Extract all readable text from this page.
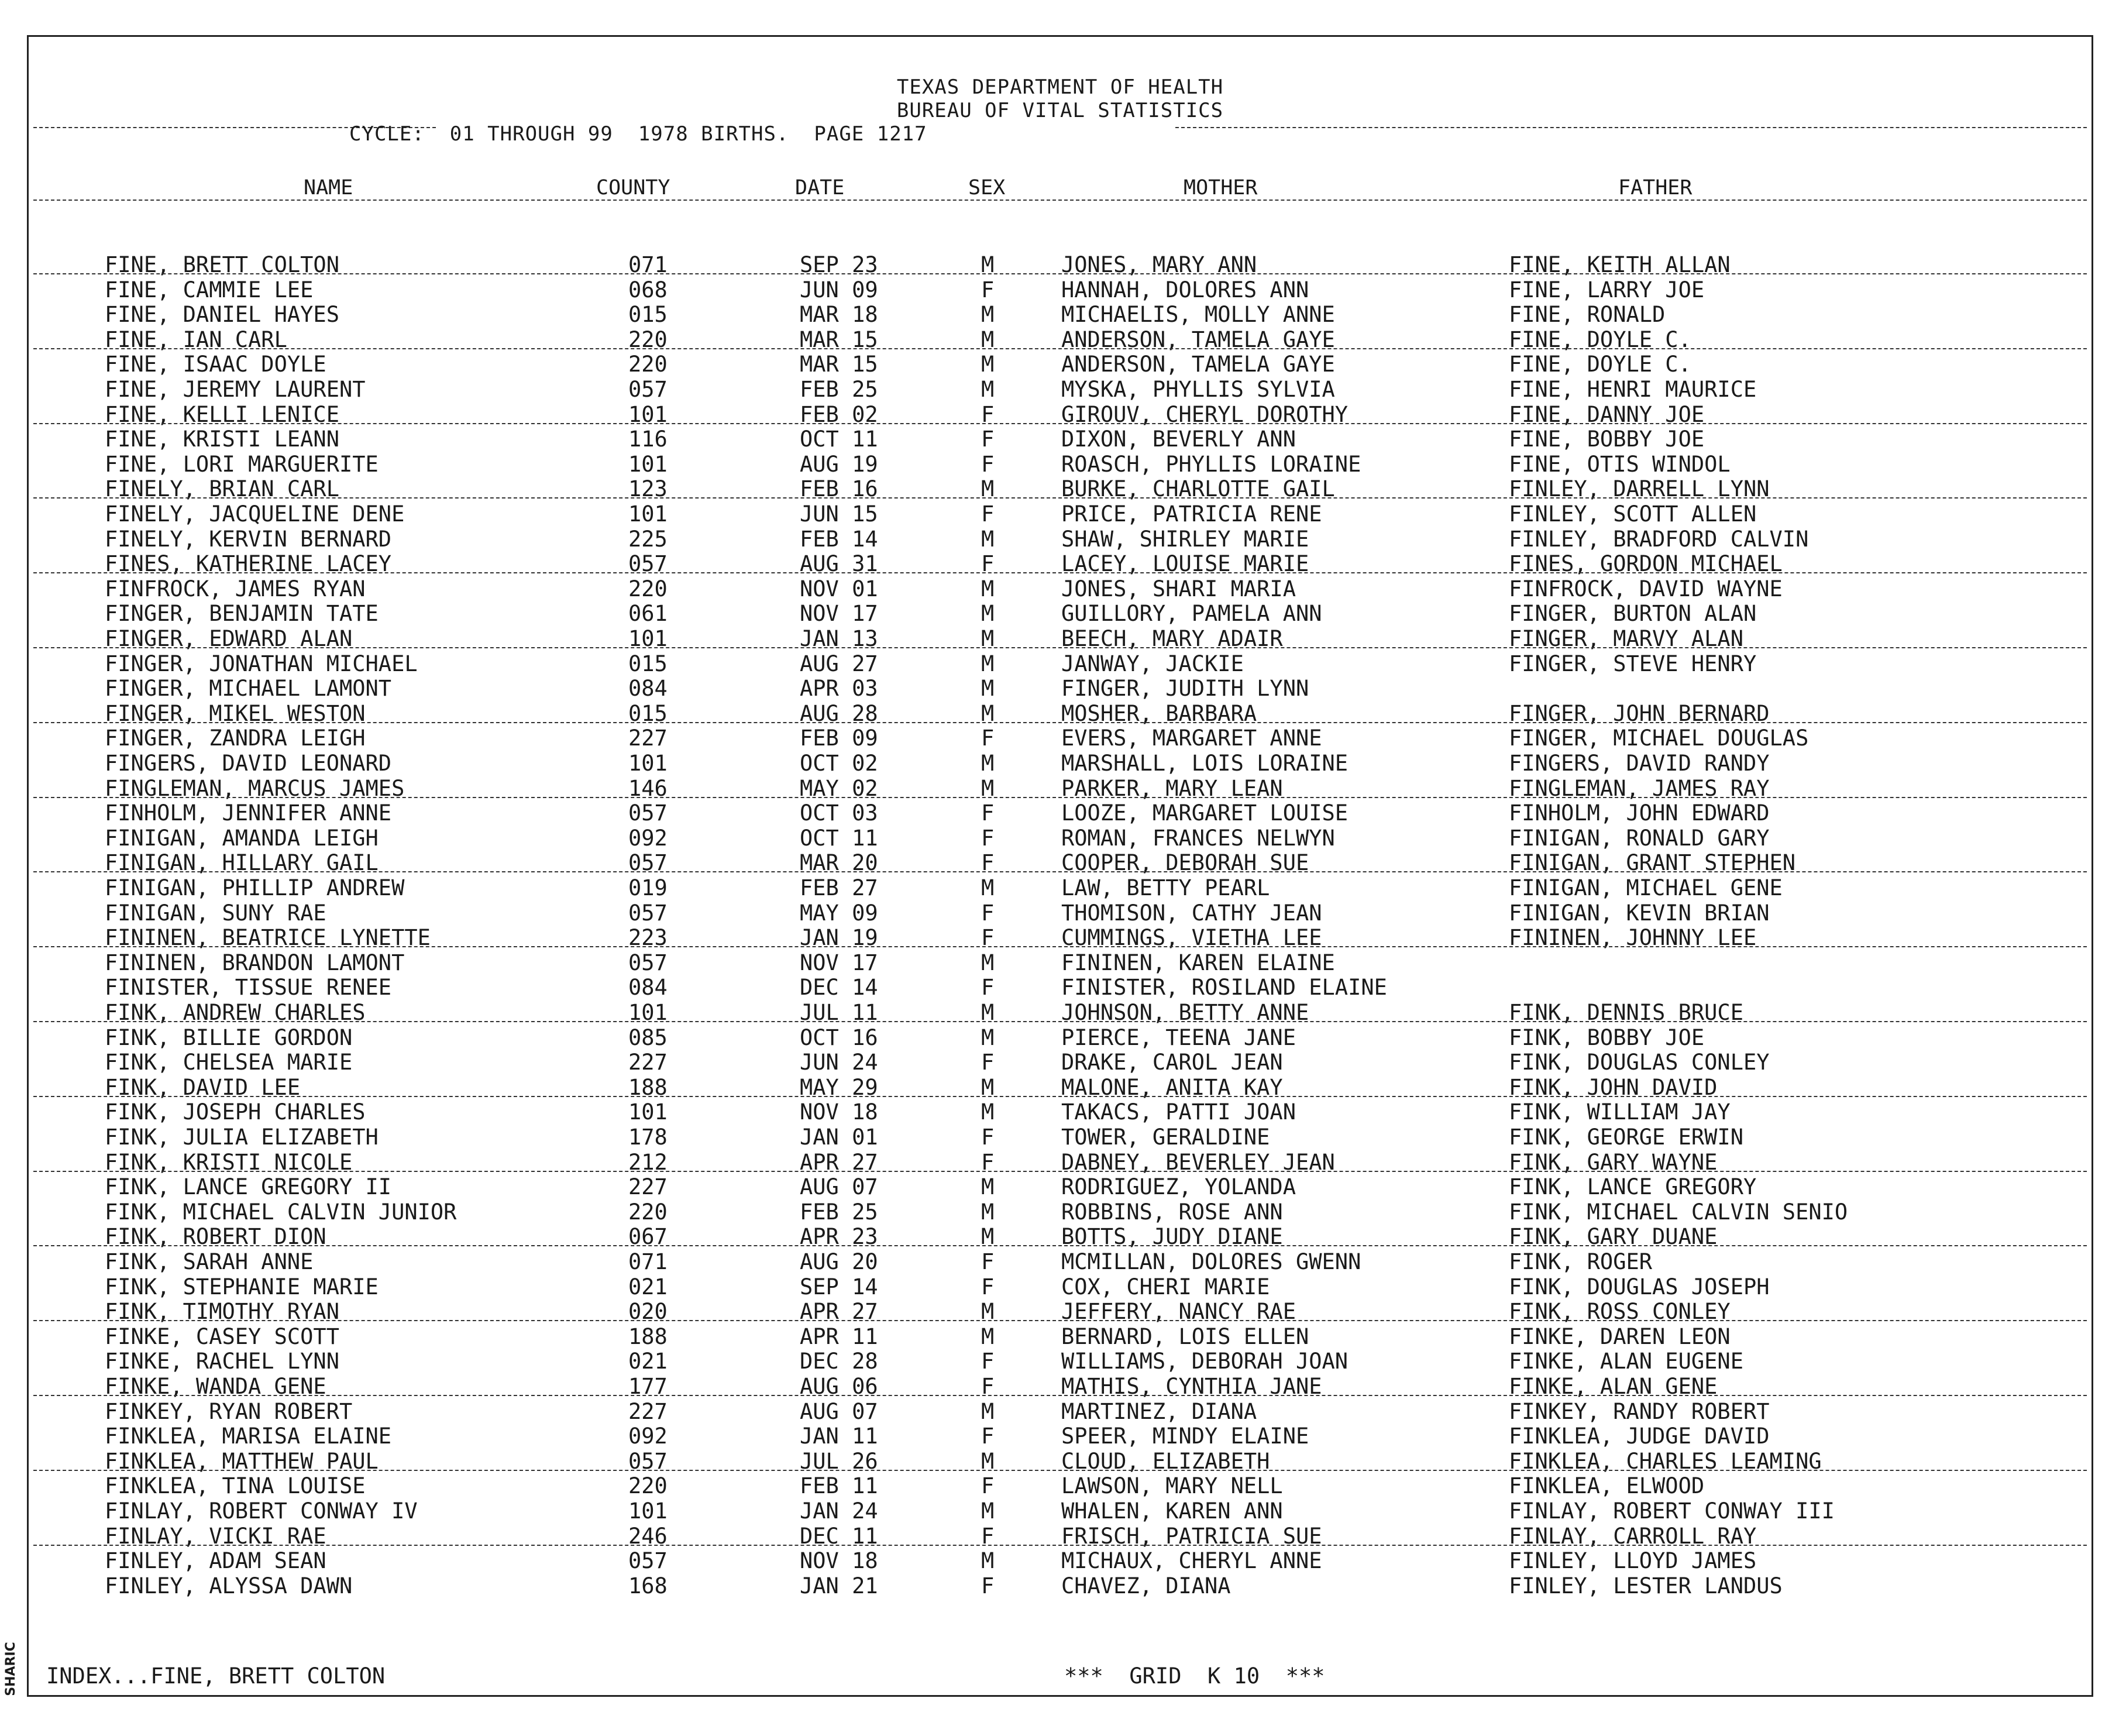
TEXAS DEPARTMENT OF HEALTH
BUREAU OF VITAL STATISTICS
CYCLE:  01 THROUGH 99  1978 BIRTHS.  PAGE 1217
NAME	COUNTY	DATE	SEX	MOTHER	FATHER
FINE, BRETT COLTON	071	SEP 23	M	JONES, MARY ANN	FINE, KEITH ALLAN
FINE, CAMMIE LEE	068	JUN 09	F	HANNAH, DOLORES ANN	FINE, LARRY JOE
FINE, DANIEL HAYES	015	MAR 18	M	MICHAELIS, MOLLY ANNE	FINE, RONALD
FINE, IAN CARL	220	MAR 15	M	ANDERSON, TAMELA GAYE	FINE, DOYLE C.
FINE, ISAAC DOYLE	220	MAR 15	M	ANDERSON, TAMELA GAYE	FINE, DOYLE C.
FINE, JEREMY LAURENT	057	FEB 25	M	MYSKA, PHYLLIS SYLVIA	FINE, HENRI MAURICE
FINE, KELLI LENICE	101	FEB 02	F	GIROUV, CHERYL DOROTHY	FINE, DANNY JOE
FINE, KRISTI LEANN	116	OCT 11	F	DIXON, BEVERLY ANN	FINE, BOBBY JOE
FINE, LORI MARGUERITE	101	AUG 19	F	ROASCH, PHYLLIS LORAINE	FINE, OTIS WINDOL
FINELY, BRIAN CARL	123	FEB 16	M	BURKE, CHARLOTTE GAIL	FINLEY, DARRELL LYNN
FINELY, JACQUELINE DENE	101	JUN 15	F	PRICE, PATRICIA RENE	FINLEY, SCOTT ALLEN
FINELY, KERVIN BERNARD	225	FEB 14	M	SHAW, SHIRLEY MARIE	FINLEY, BRADFORD CALVIN
FINES, KATHERINE LACEY	057	AUG 31	F	LACEY, LOUISE MARIE	FINES, GORDON MICHAEL
FINFROCK, JAMES RYAN	220	NOV 01	M	JONES, SHARI MARIA	FINFROCK, DAVID WAYNE
FINGER, BENJAMIN TATE	061	NOV 17	M	GUILLORY, PAMELA ANN	FINGER, BURTON ALAN
FINGER, EDWARD ALAN	101	JAN 13	M	BEECH, MARY ADAIR	FINGER, MARVY ALAN
FINGER, JONATHAN MICHAEL	015	AUG 27	M	JANWAY, JACKIE	FINGER, STEVE HENRY
FINGER, MICHAEL LAMONT	084	APR 03	M	FINGER, JUDITH LYNN
FINGER, MIKEL WESTON	015	AUG 28	M	MOSHER, BARBARA	FINGER, JOHN BERNARD
FINGER, ZANDRA LEIGH	227	FEB 09	F	EVERS, MARGARET ANNE	FINGER, MICHAEL DOUGLAS
FINGERS, DAVID LEONARD	101	OCT 02	M	MARSHALL, LOIS LORAINE	FINGERS, DAVID RANDY
FINGLEMAN, MARCUS JAMES	146	MAY 02	M	PARKER, MARY LEAN	FINGLEMAN, JAMES RAY
FINHOLM, JENNIFER ANNE	057	OCT 03	F	LOOZE, MARGARET LOUISE	FINHOLM, JOHN EDWARD
FINIGAN, AMANDA LEIGH	092	OCT 11	F	ROMAN, FRANCES NELWYN	FINIGAN, RONALD GARY
FINIGAN, HILLARY GAIL	057	MAR 20	F	COOPER, DEBORAH SUE	FINIGAN, GRANT STEPHEN
FINIGAN, PHILLIP ANDREW	019	FEB 27	M	LAW, BETTY PEARL	FINIGAN, MICHAEL GENE
FINIGAN, SUNY RAE	057	MAY 09	F	THOMISON, CATHY JEAN	FINIGAN, KEVIN BRIAN
FININEN, BEATRICE LYNETTE	223	JAN 19	F	CUMMINGS, VIETHA LEE	FININEN, JOHNNY LEE
FININEN, BRANDON LAMONT	057	NOV 17	M	FININEN, KAREN ELAINE
FINISTER, TISSUE RENEE	084	DEC 14	F	FINISTER, ROSILAND ELAINE
FINK, ANDREW CHARLES	101	JUL 11	M	JOHNSON, BETTY ANNE	FINK, DENNIS BRUCE
FINK, BILLIE GORDON	085	OCT 16	M	PIERCE, TEENA JANE	FINK, BOBBY JOE
FINK, CHELSEA MARIE	227	JUN 24	F	DRAKE, CAROL JEAN	FINK, DOUGLAS CONLEY
FINK, DAVID LEE	188	MAY 29	M	MALONE, ANITA KAY	FINK, JOHN DAVID
FINK, JOSEPH CHARLES	101	NOV 18	M	TAKACS, PATTI JOAN	FINK, WILLIAM JAY
FINK, JULIA ELIZABETH	178	JAN 01	F	TOWER, GERALDINE	FINK, GEORGE ERWIN
FINK, KRISTI NICOLE	212	APR 27	F	DABNEY, BEVERLEY JEAN	FINK, GARY WAYNE
FINK, LANCE GREGORY II	227	AUG 07	M	RODRIGUEZ, YOLANDA	FINK, LANCE GREGORY
FINK, MICHAEL CALVIN JUNIOR	220	FEB 25	M	ROBBINS, ROSE ANN	FINK, MICHAEL CALVIN SENIO
FINK, ROBERT DION	067	APR 23	M	BOTTS, JUDY DIANE	FINK, GARY DUANE
FINK, SARAH ANNE	071	AUG 20	F	MCMILLAN, DOLORES GWENN	FINK, ROGER
FINK, STEPHANIE MARIE	021	SEP 14	F	COX, CHERI MARIE	FINK, DOUGLAS JOSEPH
FINK, TIMOTHY RYAN	020	APR 27	M	JEFFERY, NANCY RAE	FINK, ROSS CONLEY
FINKE, CASEY SCOTT	188	APR 11	M	BERNARD, LOIS ELLEN	FINKE, DAREN LEON
FINKE, RACHEL LYNN	021	DEC 28	F	WILLIAMS, DEBORAH JOAN	FINKE, ALAN EUGENE
FINKE, WANDA GENE	177	AUG 06	F	MATHIS, CYNTHIA JANE	FINKE, ALAN GENE
FINKEY, RYAN ROBERT	227	AUG 07	M	MARTINEZ, DIANA	FINKEY, RANDY ROBERT
FINKLEA, MARISA ELAINE	092	JAN 11	F	SPEER, MINDY ELAINE	FINKLEA, JUDGE DAVID
FINKLEA, MATTHEW PAUL	057	JUL 26	M	CLOUD, ELIZABETH	FINKLEA, CHARLES LEAMING
FINKLEA, TINA LOUISE	220	FEB 11	F	LAWSON, MARY NELL	FINKLEA, ELWOOD
FINLAY, ROBERT CONWAY IV	101	JAN 24	M	WHALEN, KAREN ANN	FINLAY, ROBERT CONWAY III
FINLAY, VICKI RAE	246	DEC 11	F	FRISCH, PATRICIA SUE	FINLAY, CARROLL RAY
FINLEY, ADAM SEAN	057	NOV 18	M	MICHAUX, CHERYL ANNE	FINLEY, LLOYD JAMES
FINLEY, ALYSSA DAWN	168	JAN 21	F	CHAVEZ, DIANA	FINLEY, LESTER LANDUS
INDEX...FINE, BRETT COLTON	***  GRID  K 10  ***
SHARIC
